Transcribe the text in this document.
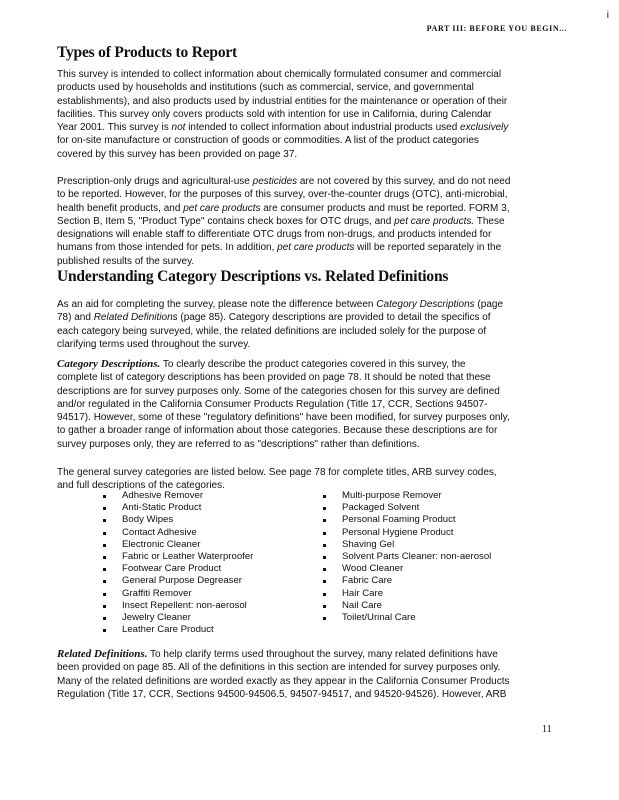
i
PART III: BEFORE YOU BEGIN...
Types of Products to Report
This survey is intended to collect information about chemically formulated consumer and commercial
products used by households and institutions (such as commercial, service, and governmental
establishments), and also products used by industrial entities for the maintenance or operation of their
facilities. This survey only covers products sold with intention for use in California, during Calendar
Year 2001. This survey is not intended to collect information about industrial products used exclusively
for on-site manufacture or construction of goods or commodities. A list of the product categories
covered by this survey has been provided on page 37.
Prescription-only drugs and agricultural-use pesticides are not covered by this survey, and do not need
to be reported. However, for the purposes of this survey, over-the-counter drugs (OTC), anti-microbial,
health benefit products, and pet care products are consumer products and must be reported. FORM 3,
Section B, Item 5, "Product Type" contains check boxes for OTC drugs, and pet care products. These
designations will enable staff to differentiate OTC drugs from non-drugs, and products intended for
humans from those intended for pets. In addition, pet care products will be reported separately in the
published results of the survey.
Understanding Category Descriptions vs. Related Definitions
As an aid for completing the survey, please note the difference between Category Descriptions (page
78) and Related Definitions (page 85). Category descriptions are provided to detail the specifics of
each category being surveyed, while, the related definitions are included solely for the purpose of
clarifying terms used throughout the survey.
Category Descriptions. To clearly describe the product categories covered in this survey, the
complete list of category descriptions has been provided on page 78. It should be noted that these
descriptions are for survey purposes only. Some of the categories chosen for this survey are defined
and/or regulated in the California Consumer Products Regulation (Title 17, CCR, Sections 94507-
94517). However, some of these "regulatory definitions" have been modified, for survey purposes only,
to gather a broader range of information about those categories. Because these descriptions are for
survey purposes only, they are referred to as "descriptions" rather than definitions.
The general survey categories are listed below. See page 78 for complete titles, ARB survey codes,
and full descriptions of the categories.
Adhesive Remover
Anti-Static Product
Body Wipes
Contact Adhesive
Electronic Cleaner
Fabric or Leather Waterproofer
Footwear Care Product
General Purpose Degreaser
Graffiti Remover
Insect Repellent: non-aerosol
Jewelry Cleaner
Leather Care Product
Multi-purpose Remover
Packaged Solvent
Personal Foaming Product
Personal Hygiene Product
Shaving Gel
Solvent Parts Cleaner: non-aerosol
Wood Cleaner
Fabric Care
Hair Care
Nail Care
Toilet/Urinal Care
Related Definitions. To help clarify terms used throughout the survey, many related definitions have
been provided on page 85. All of the definitions in this section are intended for survey purposes only.
Many of the related definitions are worded exactly as they appear in the California Consumer Products
Regulation (Title 17, CCR, Sections 94500-94506.5, 94507-94517, and 94520-94526). However, ARB
11
